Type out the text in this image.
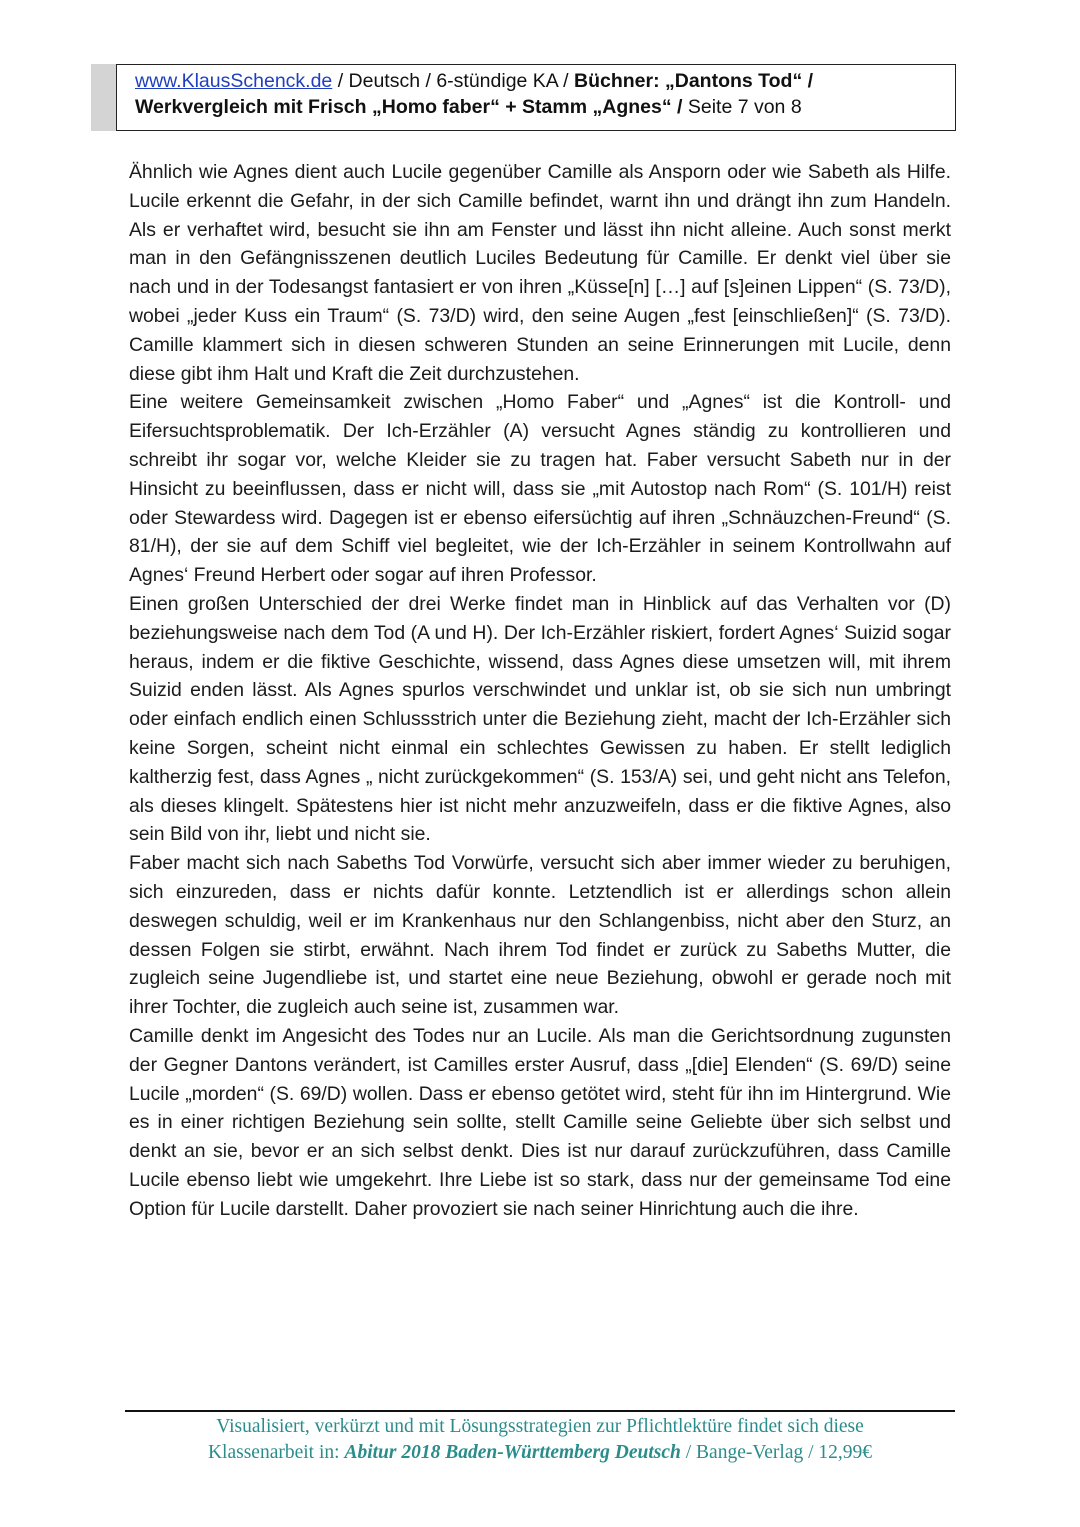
www.KlausSchenck.de / Deutsch / 6-stündige KA / Büchner: „Dantons Tod“ /
Werkvergleich mit Frisch „Homo faber“ + Stamm „Agnes“ / Seite 7 von 8

Ähnlich wie Agnes dient auch Lucile gegenüber Camille als Ansporn oder wie Sabeth als Hilfe. Lucile erkennt die Gefahr, in der sich Camille befindet, warnt ihn und drängt ihn zum Handeln. Als er verhaftet wird, besucht sie ihn am Fenster und lässt ihn nicht alleine. Auch sonst merkt man in den Gefängnisszenen deutlich Luciles Bedeutung für Camille. Er denkt viel über sie nach und in der Todesangst fantasiert er von ihren „Küsse[n] […] auf [s]einen Lippen“ (S. 73/D), wobei „jeder Kuss ein Traum“ (S. 73/D) wird, den seine Augen „fest [einschließen]“ (S. 73/D). Camille klammert sich in diesen schweren Stunden an seine Erinnerungen mit Lucile, denn diese gibt ihm Halt und Kraft die Zeit durchzustehen.

Eine weitere Gemeinsamkeit zwischen „Homo Faber“ und „Agnes“ ist die Kontroll- und Eifersuchtsproblematik. Der Ich-Erzähler (A) versucht Agnes ständig zu kontrollieren und schreibt ihr sogar vor, welche Kleider sie zu tragen hat. Faber versucht Sabeth nur in der Hinsicht zu beeinflussen, dass er nicht will, dass sie „mit Autostop nach Rom“ (S. 101/H) reist oder Stewardess wird. Dagegen ist er ebenso eifersüchtig auf ihren „Schnäuzchen-Freund“ (S. 81/H), der sie auf dem Schiff viel begleitet, wie der Ich-Erzähler in seinem Kontrollwahn auf Agnes‘ Freund Herbert oder sogar auf ihren Professor.

Einen großen Unterschied der drei Werke findet man in Hinblick auf das Verhalten vor (D) beziehungsweise nach dem Tod (A und H). Der Ich-Erzähler riskiert, fordert Agnes‘ Suizid sogar heraus, indem er die fiktive Geschichte, wissend, dass Agnes diese umsetzen will, mit ihrem Suizid enden lässt. Als Agnes spurlos verschwindet und unklar ist, ob sie sich nun umbringt oder einfach endlich einen Schlussstrich unter die Beziehung zieht, macht der Ich-Erzähler sich keine Sorgen, scheint nicht einmal ein schlechtes Gewissen zu haben. Er stellt lediglich kaltherzig fest, dass Agnes „ nicht zurückgekommen“ (S. 153/A) sei, und geht nicht ans Telefon, als dieses klingelt. Spätestens hier ist nicht mehr anzuzweifeln, dass er die fiktive Agnes, also sein Bild von ihr, liebt und nicht sie.

Faber macht sich nach Sabeths Tod Vorwürfe, versucht sich aber immer wieder zu beruhigen, sich einzureden, dass er nichts dafür konnte. Letztendlich ist er allerdings schon allein deswegen schuldig, weil er im Krankenhaus nur den Schlangenbiss, nicht aber den Sturz, an dessen Folgen sie stirbt, erwähnt. Nach ihrem Tod findet er zurück zu Sabeths Mutter, die zugleich seine Jugendliebe ist, und startet eine neue Beziehung, obwohl er gerade noch mit ihrer Tochter, die zugleich auch seine ist, zusammen war.

Camille denkt im Angesicht des Todes nur an Lucile. Als man die Gerichtsordnung zugunsten der Gegner Dantons verändert, ist Camilles erster Ausruf, dass „[die] Elenden“ (S. 69/D) seine Lucile „morden“ (S. 69/D) wollen. Dass er ebenso getötet wird, steht für ihn im Hintergrund. Wie es in einer richtigen Beziehung sein sollte, stellt Camille seine Geliebte über sich selbst und denkt an sie, bevor er an sich selbst denkt. Dies ist nur darauf zurückzuführen, dass Camille Lucile ebenso liebt wie umgekehrt. Ihre Liebe ist so stark, dass nur der gemeinsame Tod eine Option für Lucile darstellt. Daher provoziert sie nach seiner Hinrichtung auch die ihre.

Visualisiert, verkürzt und mit Lösungsstrategien zur Pflichtlektüre findet sich diese
Klassenarbeit in: Abitur 2018 Baden-Württemberg Deutsch / Bange-Verlag / 12,99€
